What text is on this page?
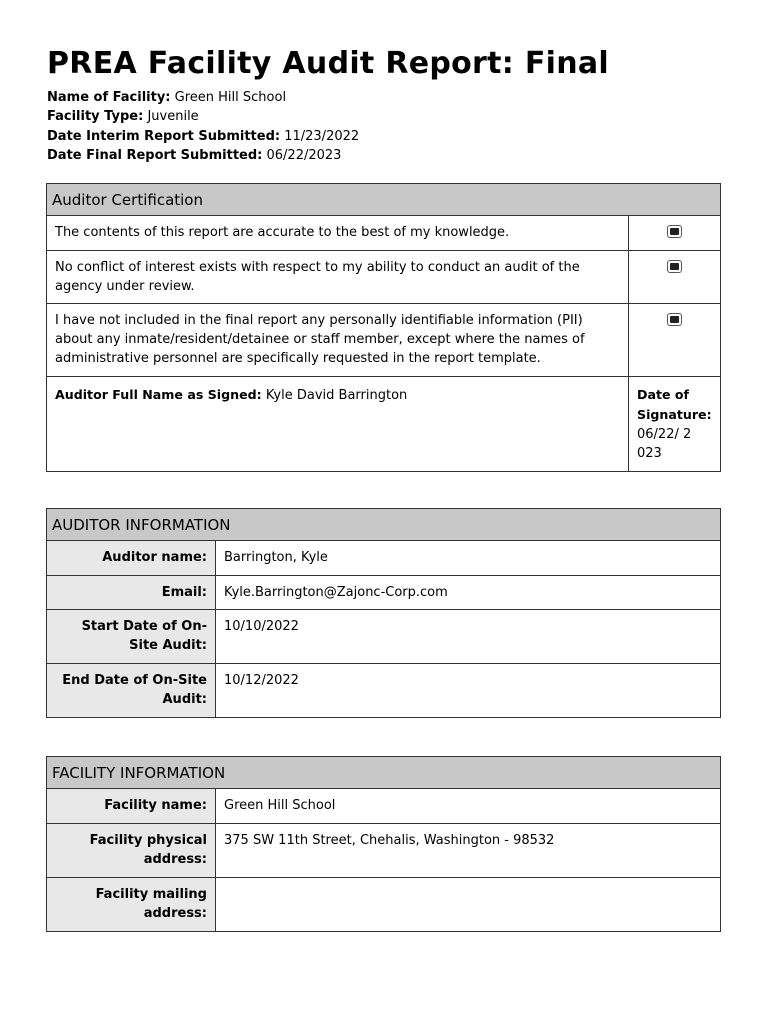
PREA Facility Audit Report: Final
Name of Facility: Green Hill School
Facility Type: Juvenile
Date Interim Report Submitted: 11/23/2022
Date Final Report Submitted: 06/22/2023
Auditor Certification	
The contents of this report are accurate to the best of my knowledge.	
No conflict of interest exists with respect to my ability to conduct an audit of the agency under review.	
I have not included in the final report any personally identifiable information (PII) about any inmate/resident/detainee or staff member, except where the names of administrative personnel are specifically requested in the report template.	
Auditor Full Name as Signed: Kyle David Barrington	Date of Signature:
06/22/ 2023
AUDITOR INFORMATION	
Auditor name:	Barrington, Kyle
Email:	Kyle.Barrington@Zajonc-Corp.com
Start Date of On-Site Audit:	10/10/2022
End Date of On-Site Audit:	10/12/2022
FACILITY INFORMATION	
Facility name:	Green Hill School
Facility physical address:	375 SW 11th Street, Chehalis, Washington - 98532
Facility mailing address:	
